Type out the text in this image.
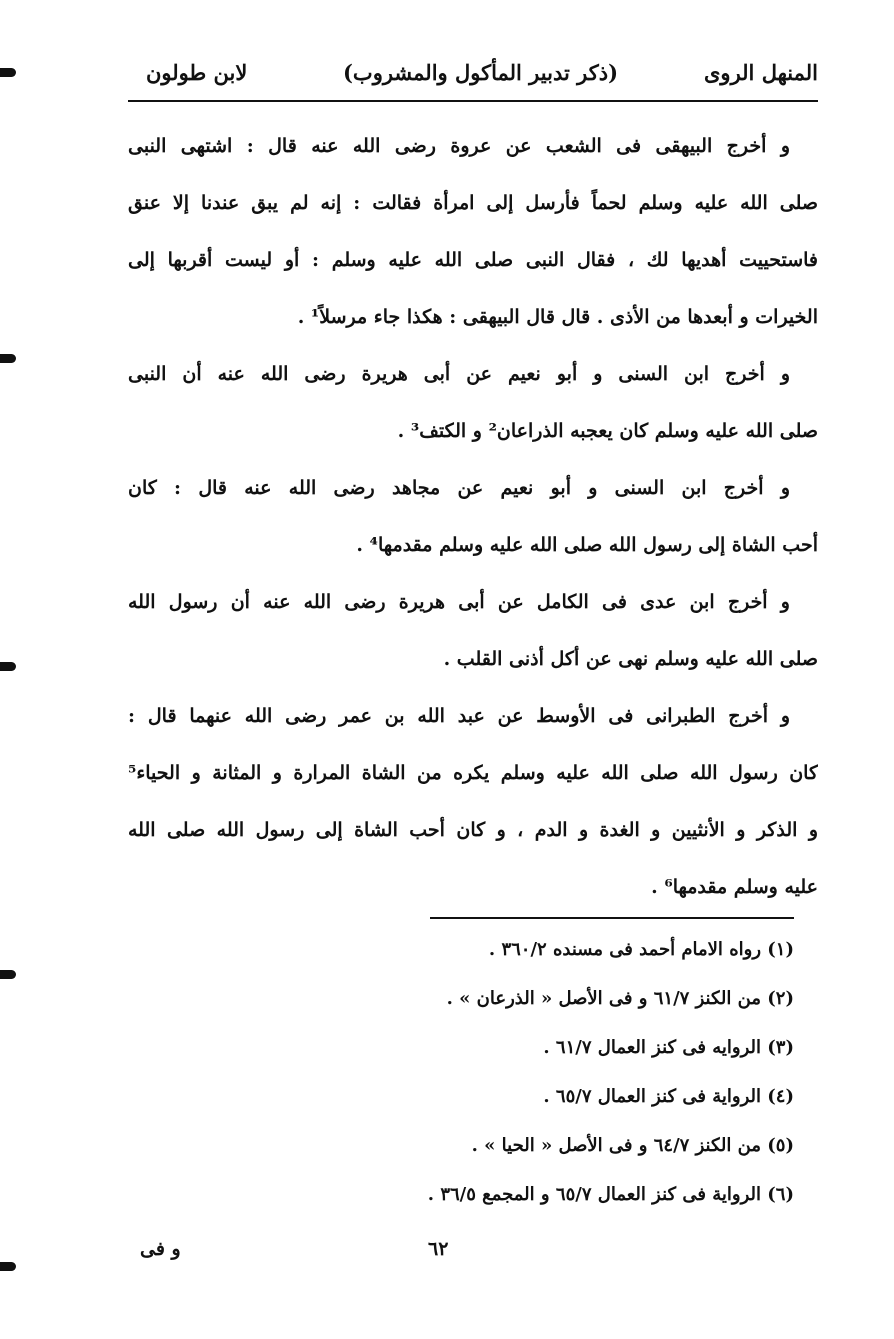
المنهل الروى
(ذكر تدبير المأكول والمشروب)
لابن طولون
و أخرج البيهقى فى الشعب عن عروة رضى الله عنه قال : اشتهى النبى
صلى الله عليه وسلم لحماً فأرسل إلى امرأة فقالت : إنه لم يبق عندنا إلا عنق
فاستحييت أهديها لك ، فقال النبى صلى الله عليه وسلم : أو ليست أقربها إلى
الخيرات و أبعدها من الأذى . قال قال البيهقى : هكذا جاء مرسلاً¹ .
و أخرج ابن السنى و أبو نعيم عن أبى هريرة رضى الله عنه أن النبى
صلى الله عليه وسلم كان يعجبه الذراعان² و الكتف³ .
و أخرج ابن السنى و أبو نعيم عن مجاهد رضى الله عنه قال : كان
أحب الشاة إلى رسول الله صلى الله عليه وسلم مقدمها⁴ .
و أخرج ابن عدى فى الكامل عن أبى هريرة رضى الله عنه أن رسول الله
صلى الله عليه وسلم نهى عن أكل أذنى القلب .
و أخرج الطبرانى فى الأوسط عن عبد الله بن عمر رضى الله عنهما قال :
كان رسول الله صلى الله عليه وسلم يكره من الشاة المرارة و المثانة و الحياء⁵
و الذكر و الأنثيين و الغدة و الدم ، و كان أحب الشاة إلى رسول الله صلى الله
عليه وسلم مقدمها⁶ .
(١) رواه الامام أحمد فى مسنده ٣٦٠/٢ .
(٢) من الكنز ٦١/٧ و فى الأصل « الذرعان » .
(٣) الروايه فى كنز العمال ٦١/٧ .
(٤) الرواية فى كنز العمال ٦٥/٧ .
(٥) من الكنز ٦٤/٧ و فى الأصل « الحيا » .
(٦) الرواية فى كنز العمال ٦٥/٧ و المجمع ٣٦/٥ .
٦٢
و فى
